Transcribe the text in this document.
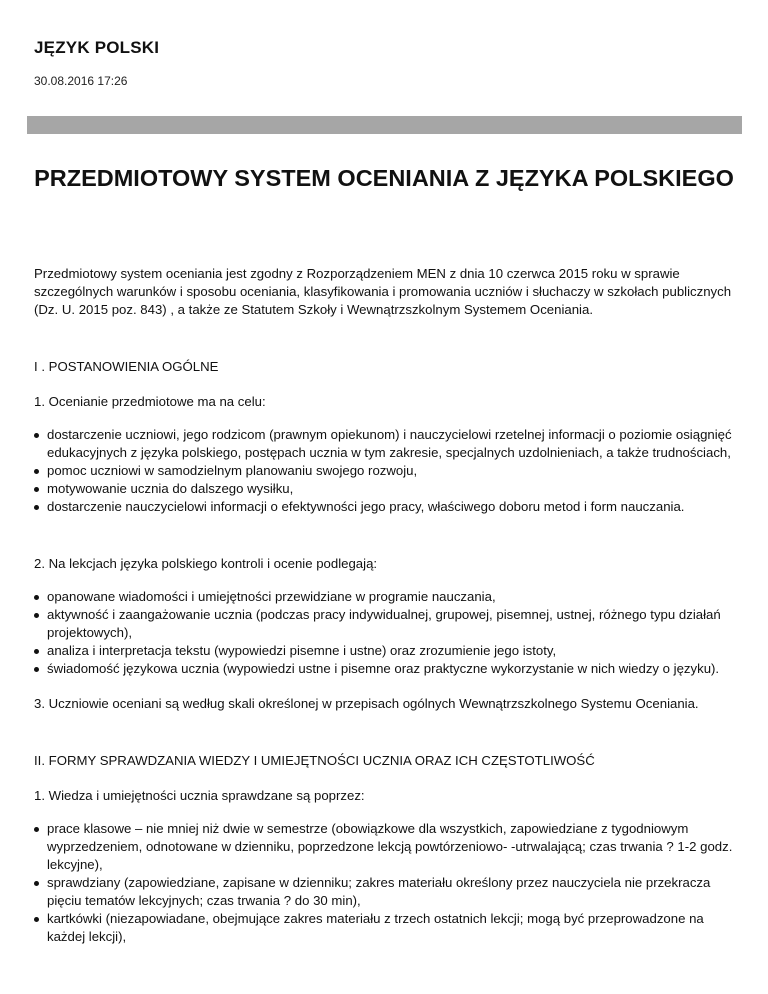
JĘZYK POLSKI
30.08.2016 17:26
PRZEDMIOTOWY SYSTEM OCENIANIA Z JĘZYKA POLSKIEGO

Przedmiotowy system oceniania jest zgodny z Rozporządzeniem MEN z dnia 10 czerwca 2015 roku w sprawie szczególnych warunków i sposobu oceniania, klasyfikowania i promowania uczniów i słuchaczy w szkołach publicznych (Dz. U. 2015 poz. 843) , a także ze Statutem Szkoły i Wewnątrzszkolnym Systemem Oceniania.

I . POSTANOWIENIA OGÓLNE

1. Ocenianie przedmiotowe ma na celu:

dostarczenie uczniowi, jego rodzicom (prawnym opiekunom) i nauczycielowi rzetelnej informacji o poziomie osiągnięć edukacyjnych z języka polskiego, postępach ucznia w tym zakresie, specjalnych uzdolnieniach, a także trudnościach,
pomoc uczniowi w samodzielnym planowaniu swojego rozwoju,
motywowanie ucznia do dalszego wysiłku,
dostarczenie nauczycielowi informacji o efektywności jego pracy, właściwego doboru metod i form nauczania.

2. Na lekcjach języka polskiego kontroli i ocenie podlegają:

opanowane wiadomości i umiejętności przewidziane w programie nauczania,
aktywność i zaangażowanie ucznia (podczas pracy indywidualnej, grupowej, pisemnej, ustnej, różnego typu działań projektowych),
analiza i interpretacja tekstu (wypowiedzi pisemne i ustne) oraz zrozumienie jego istoty,
świadomość językowa ucznia (wypowiedzi ustne i pisemne oraz praktyczne wykorzystanie w nich wiedzy o języku).

3. Uczniowie oceniani są według skali określonej w przepisach ogólnych Wewnątrzszkolnego Systemu Oceniania.

II. FORMY SPRAWDZANIA WIEDZY I UMIEJĘTNOŚCI UCZNIA ORAZ ICH CZĘSTOTLIWOŚĆ

1. Wiedza i umiejętności ucznia sprawdzane są poprzez:

prace klasowe – nie mniej niż dwie w semestrze (obowiązkowe dla wszystkich, zapowiedziane z tygodniowym wyprzedzeniem, odnotowane w dzienniku, poprzedzone lekcją powtórzeniowo- -utrwalającą; czas trwania ? 1-2 godz. lekcyjne),
sprawdziany (zapowiedziane, zapisane w dzienniku; zakres materiału określony przez nauczyciela nie przekracza pięciu tematów lekcyjnych; czas trwania ? do 30 min),
kartkówki (niezapowiadane, obejmujące zakres materiału z trzech ostatnich lekcji; mogą być przeprowadzone na każdej lekcji),
